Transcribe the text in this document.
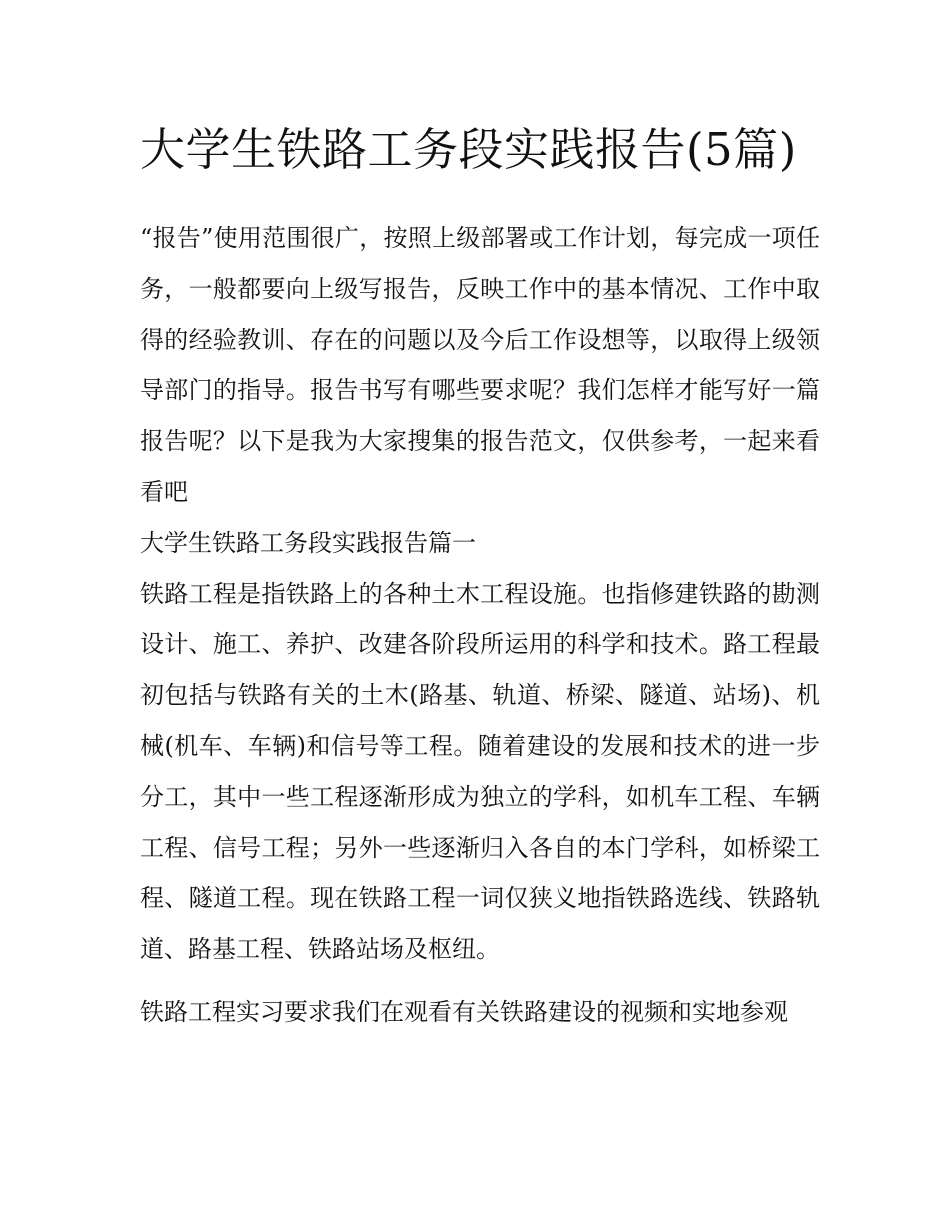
大学生铁路工务段实践报告(5篇)

“报告”使用范围很广，按照上级部署或工作计划，每完成一项任务，一般都要向上级写报告，反映工作中的基本情况、工作中取得的经验教训、存在的问题以及今后工作设想等，以取得上级领导部门的指导。报告书写有哪些要求呢？我们怎样才能写好一篇报告呢？以下是我为大家搜集的报告范文，仅供参考，一起来看看吧

大学生铁路工务段实践报告篇一

铁路工程是指铁路上的各种土木工程设施。也指修建铁路的勘测设计、施工、养护、改建各阶段所运用的科学和技术。路工程最初包括与铁路有关的土木(路基、轨道、桥梁、隧道、站场)、机械(机车、车辆)和信号等工程。随着建设的发展和技术的进一步分工，其中一些工程逐渐形成为独立的学科，如机车工程、车辆工程、信号工程；另外一些逐渐归入各自的本门学科，如桥梁工程、隧道工程。现在铁路工程一词仅狭义地指铁路选线、铁路轨道、路基工程、铁路站场及枢纽。

铁路工程实习要求我们在观看有关铁路建设的视频和实地参观
